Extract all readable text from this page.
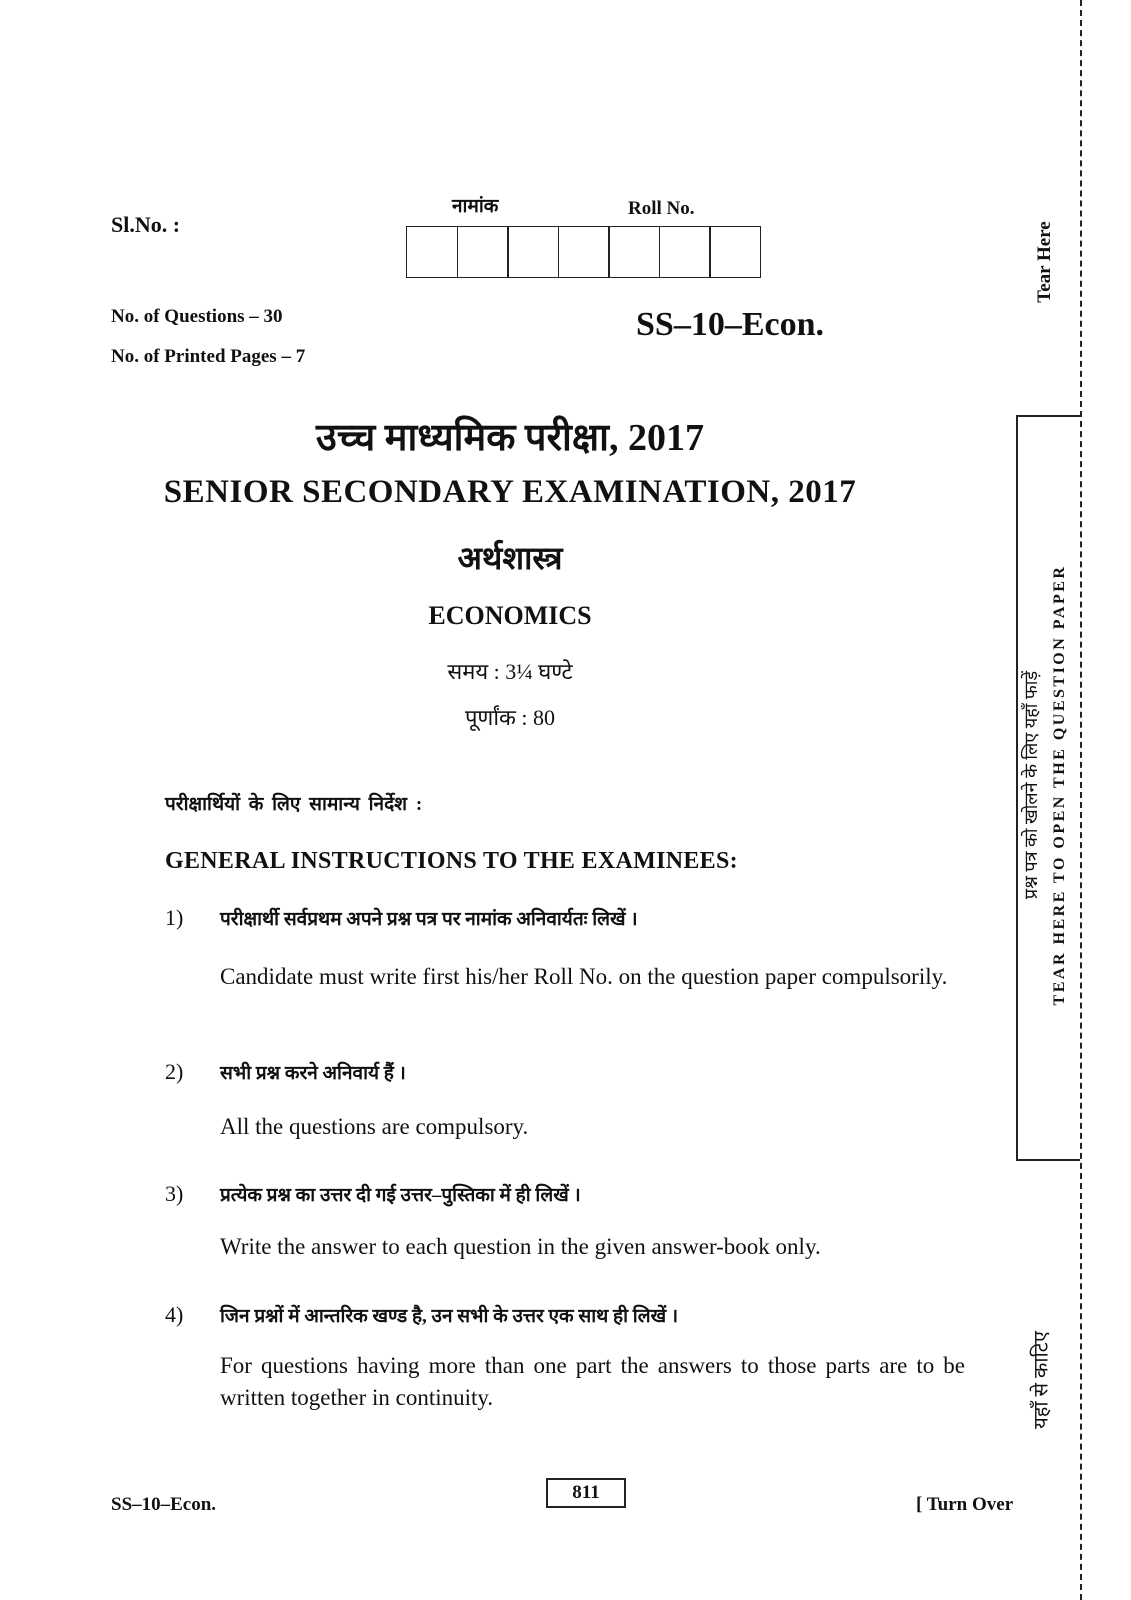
Sl.No. :
नामांक	Roll No.
No. of Questions – 30
No. of Printed Pages – 7
SS–10–Econ.
उच्च माध्यमिक परीक्षा, 2017
SENIOR SECONDARY EXAMINATION, 2017
अर्थशास्त्र
ECONOMICS
समय : 3¼ घण्टे
पूर्णांक : 80
परीक्षार्थियों के लिए सामान्य निर्देश :
GENERAL INSTRUCTIONS TO THE EXAMINEES:
1) परीक्षार्थी सर्वप्रथम अपने प्रश्न पत्र पर नामांक अनिवार्यतः लिखें ।
Candidate must write first his/her Roll No. on the question paper compulsorily.
2) सभी प्रश्न करने अनिवार्य हैं ।
All the questions are compulsory.
3) प्रत्येक प्रश्न का उत्तर दी गई उत्तर–पुस्तिका में ही लिखें ।
Write the answer to each question in the given answer-book only.
4) जिन प्रश्नों में आन्तरिक खण्ड है, उन सभी के उत्तर एक साथ ही लिखें ।
For questions having more than one part the answers to those parts are to be written together in continuity.
Tear Here
प्रश्न पत्र को खोलने के लिए यहाँ फाड़ें TEAR HERE TO OPEN THE QUESTION PAPER
यहाँ से काटिए
SS–10–Econ.
811
[ Turn Over
